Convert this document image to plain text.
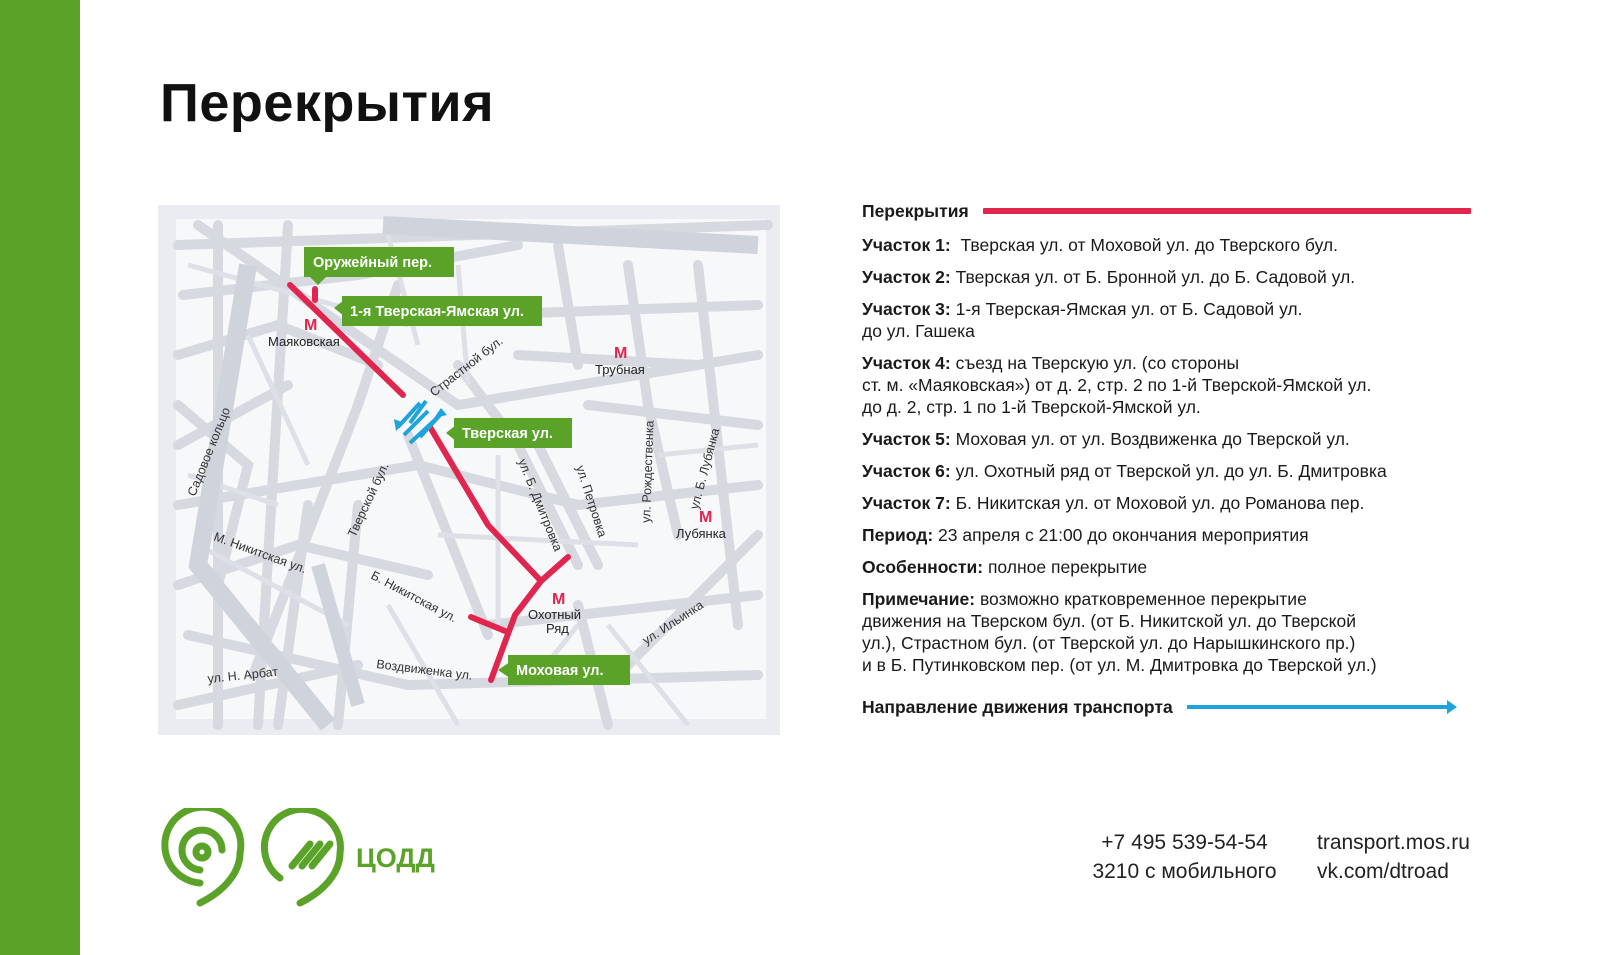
Перекрытия
Оружейный пер.
1-я Тверская-Ямская ул.
Тверская ул.
Моховая ул.
М
Маяковская
М
Трубная
М
Лубянка
М
Охотный
Ряд
Садовое кольцо
Страстной бул.
Тверской бул.
М. Никитская ул.
Б. Никитская ул.
ул. Н. Арбат	Воздвиженка ул.
ул. Б. Дмитровка ул. Петровка ул. Рождественка ул. Б. Лубянка
ул. Ильинка
Перекрытия
Участок 1: Тверская ул. от Моховой ул. до Тверского бул.
Участок 2: Тверская ул. от Б. Бронной ул. до Б. Садовой ул.
Участок 3: 1-я Тверская-Ямская ул. от Б. Садовой ул.
до ул. Гашека
Участок 4: съезд на Тверскую ул. (со стороны
ст. м. «Маяковская») от д. 2, стр. 2 по 1-й Тверской-Ямской ул.
до д. 2, стр. 1 по 1-й Тверской-Ямской ул.
Участок 5: Моховая ул. от ул. Воздвиженка до Тверской ул.
Участок 6: ул. Охотный ряд от Тверской ул. до ул. Б. Дмитровка
Участок 7: Б. Никитская ул. от Моховой ул. до Романова пер.
Период: 23 апреля с 21:00 до окончания мероприятия
Особенности: полное перекрытие
Примечание: возможно кратковременное перекрытие
движения на Тверском бул. (от Б. Никитской ул. до Тверской
ул.), Страстном бул. (от Тверской ул. до Нарышкинского пр.)
и в Б. Путинковском пер. (от ул. М. Дмитровка до Тверской ул.)
Направление движения транспорта
ЦОДД
+7 495 539-54-54
3210 с мобильного
transport.mos.ru
vk.com/dtroad
